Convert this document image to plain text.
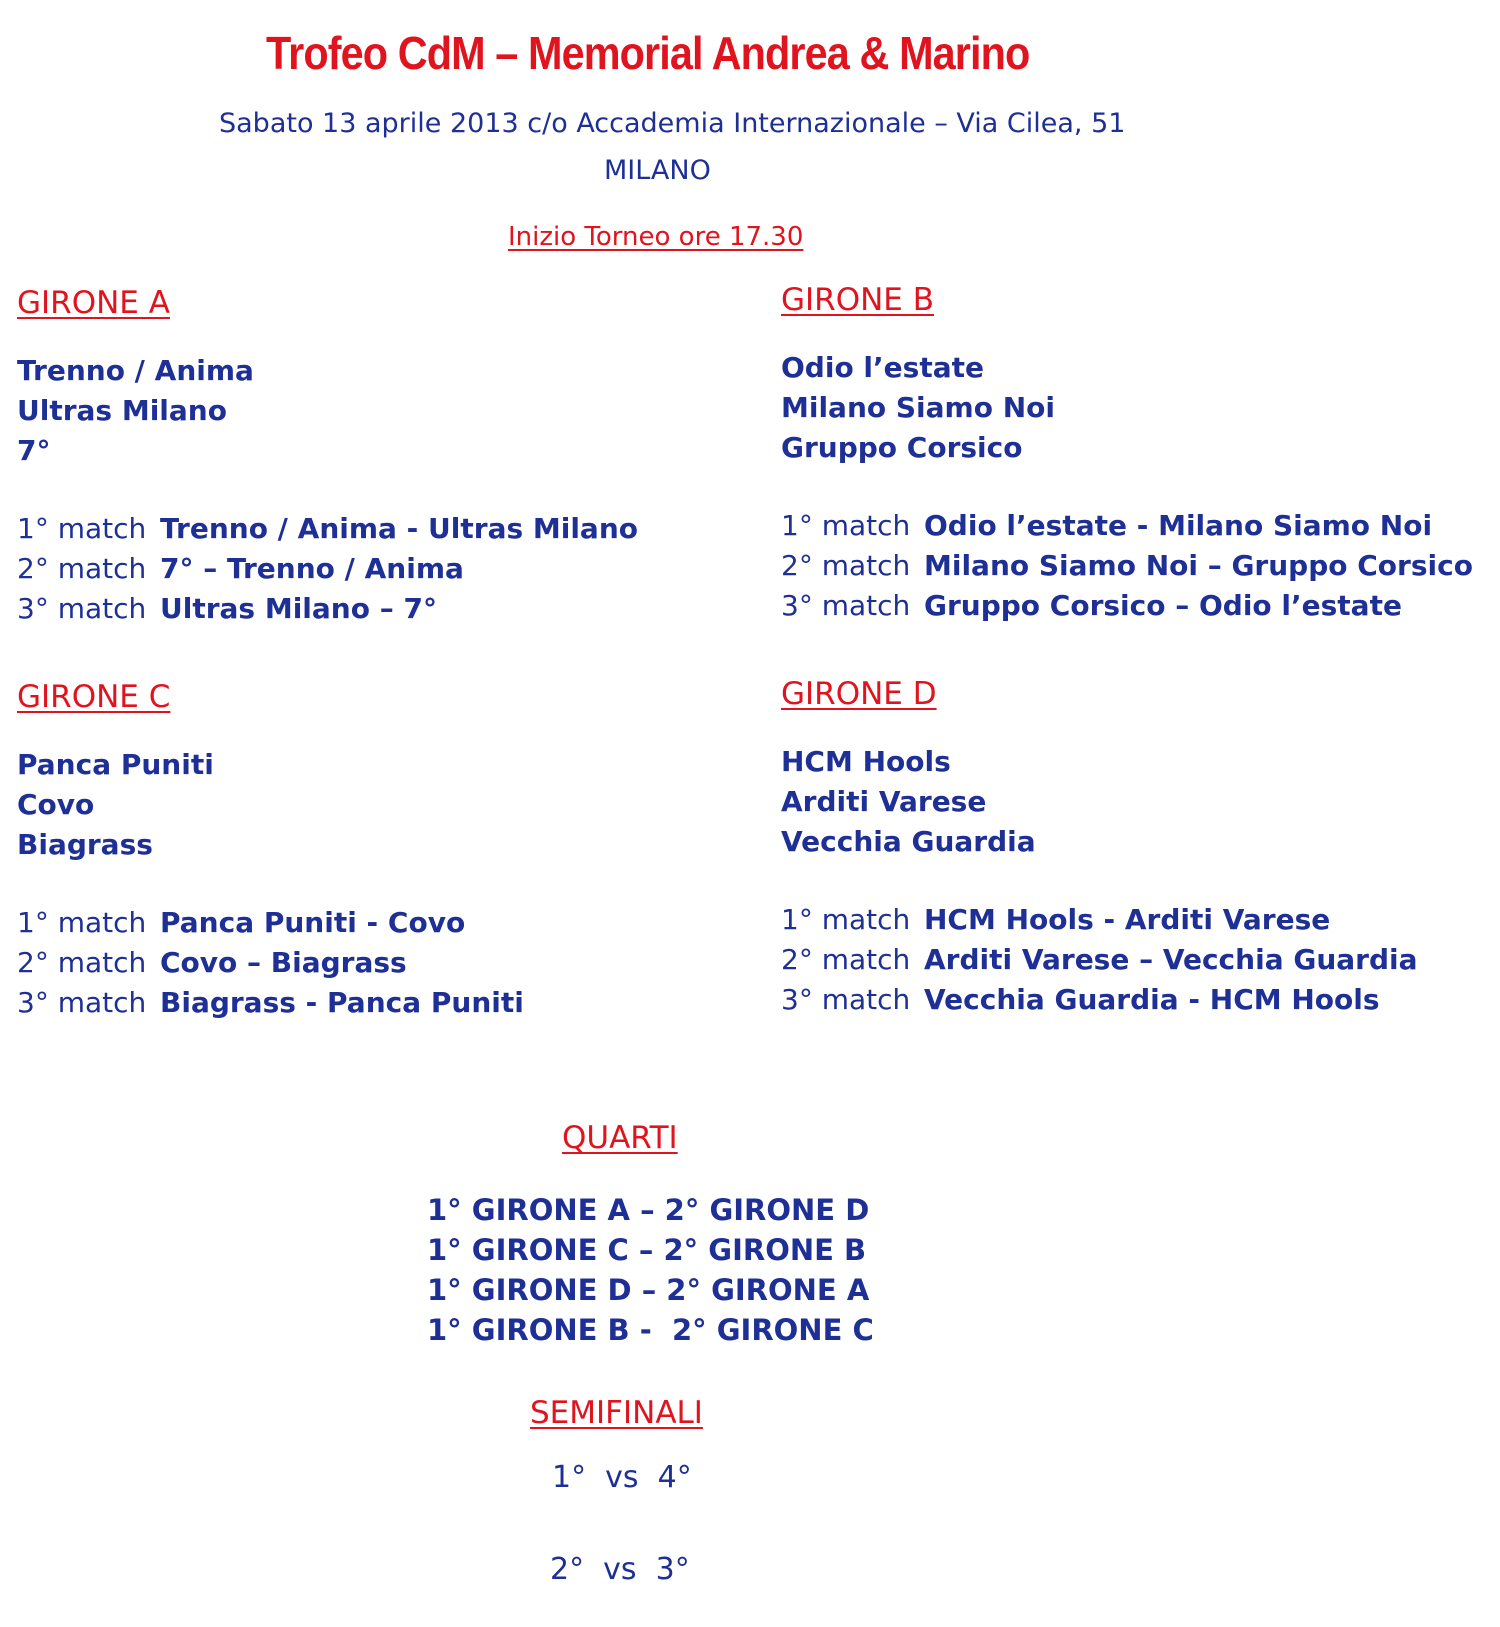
Trofeo CdM – Memorial Andrea & Marino
Sabato 13 aprile 2013 c/o Accademia Internazionale – Via Cilea, 51
MILANO
Inizio Torneo ore 17.30
GIRONE A
Trenno / Anima
Ultras Milano
7°
1° match Trenno / Anima - Ultras Milano
2° match 7° – Trenno / Anima
3° match Ultras Milano – 7°
GIRONE B
Odio l’estate
Milano Siamo Noi
Gruppo Corsico
1° match Odio l’estate - Milano Siamo Noi
2° match Milano Siamo Noi – Gruppo Corsico
3° match Gruppo Corsico – Odio l’estate
GIRONE C
Panca Puniti
Covo
Biagrass
1° match Panca Puniti - Covo
2° match Covo – Biagrass
3° match Biagrass - Panca Puniti
GIRONE D
HCM Hools
Arditi Varese
Vecchia Guardia
1° match HCM Hools - Arditi Varese
2° match Arditi Varese – Vecchia Guardia
3° match Vecchia Guardia - HCM Hools
QUARTI
1° GIRONE A – 2° GIRONE D
1° GIRONE C – 2° GIRONE B
1° GIRONE D – 2° GIRONE A
1° GIRONE B -  2° GIRONE C
SEMIFINALI
1°  vs  4°
2°  vs  3°
